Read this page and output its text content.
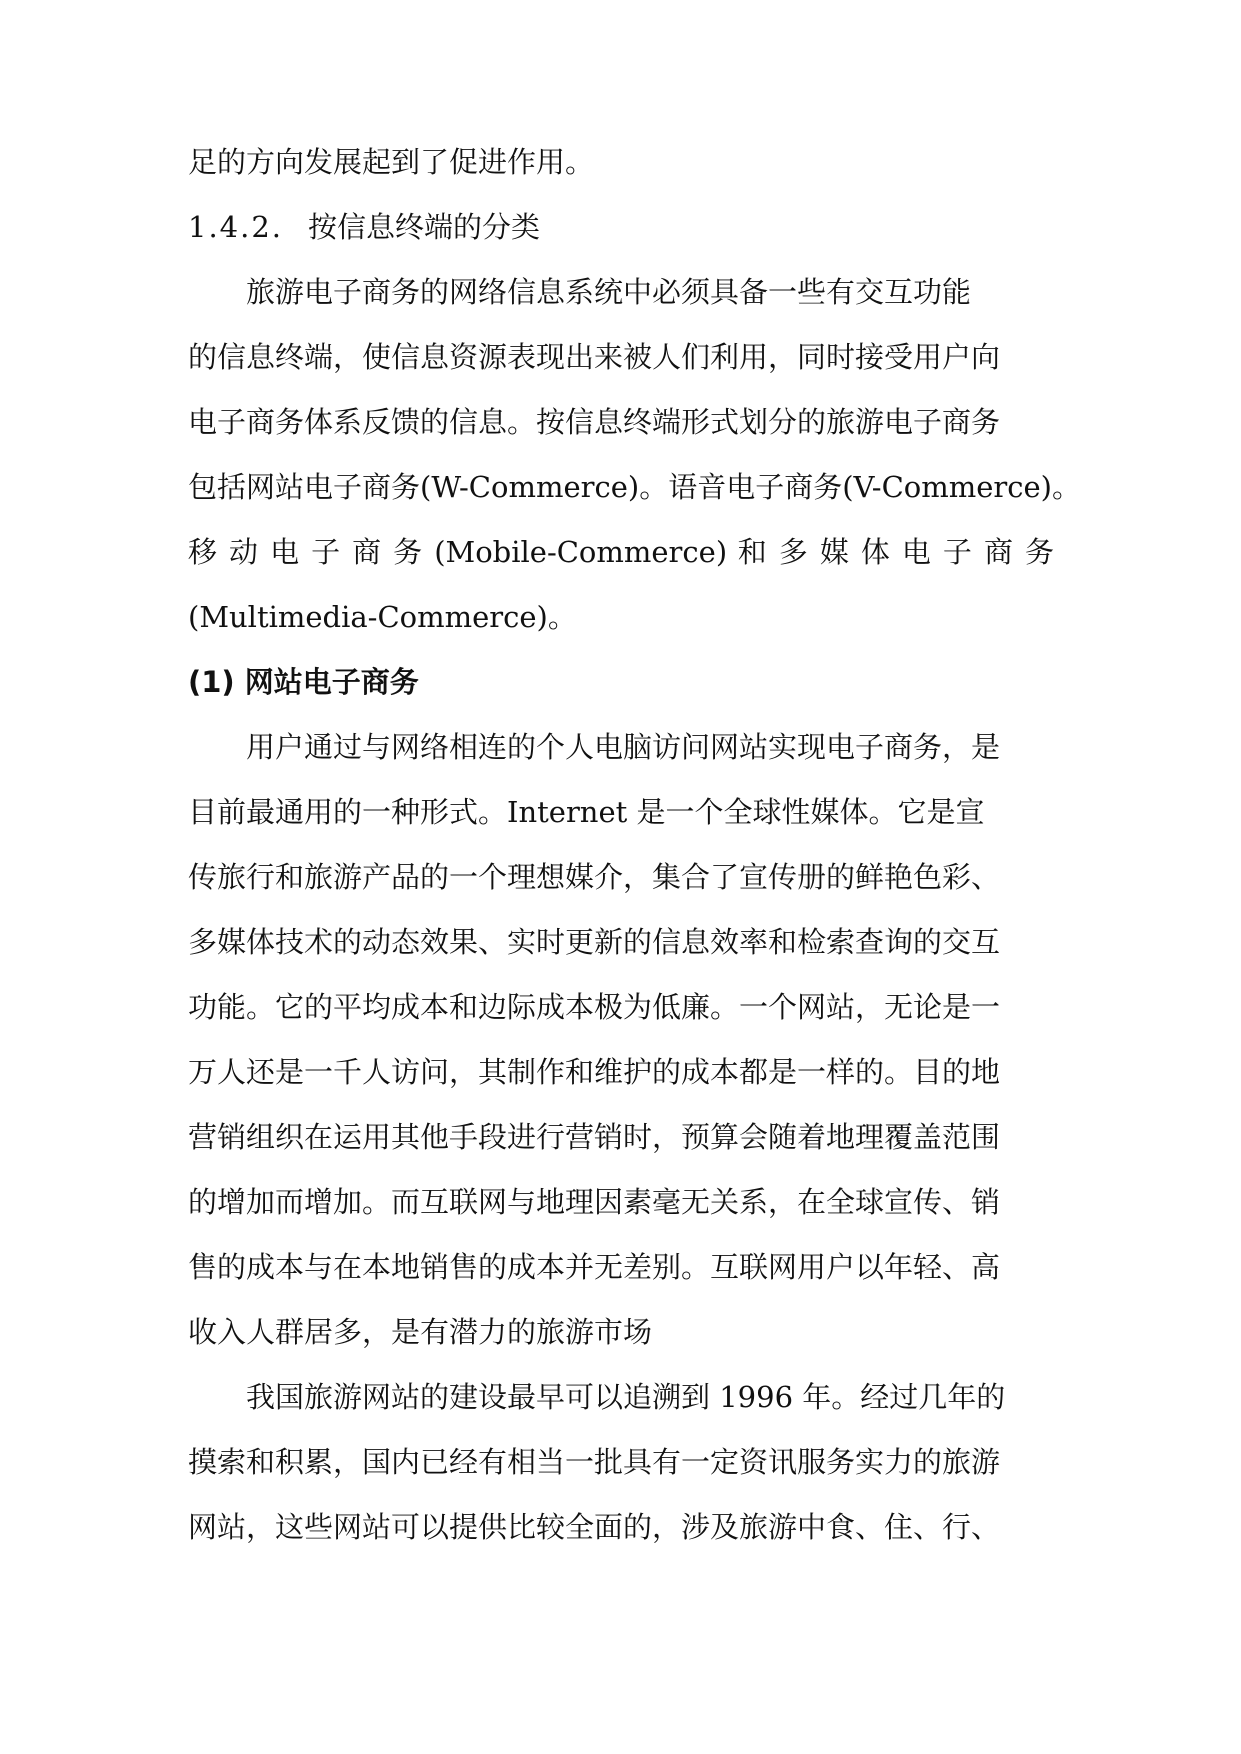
足的方向发展起到了促进作用。

1.4.2. 按信息终端的分类

旅游电子商务的网络信息系统中必须具备一些有交互功能
的信息终端，使信息资源表现出来被人们利用，同时接受用户向
电子商务体系反馈的信息。按信息终端形式划分的旅游电子商务
包括网站电子商务(W-Commerce)。语音电子商务(V-Commerce)。
移 动 电 子 商 务 (Mobile-Commerce) 和 多 媒 体 电 子 商 务
(Multimedia-Commerce)。

(1) 网站电子商务

用户通过与网络相连的个人电脑访问网站实现电子商务，是
目前最通用的一种形式。Internet 是一个全球性媒体。它是宣
传旅行和旅游产品的一个理想媒介，集合了宣传册的鲜艳色彩、
多媒体技术的动态效果、实时更新的信息效率和检索查询的交互
功能。它的平均成本和边际成本极为低廉。一个网站，无论是一
万人还是一千人访问，其制作和维护的成本都是一样的。目的地
营销组织在运用其他手段进行营销时，预算会随着地理覆盖范围
的增加而增加。而互联网与地理因素毫无关系，在全球宣传、销
售的成本与在本地销售的成本并无差别。互联网用户以年轻、高
收入人群居多，是有潜力的旅游市场

我国旅游网站的建设最早可以追溯到 1996 年。经过几年的
摸索和积累，国内已经有相当一批具有一定资讯服务实力的旅游
网站，这些网站可以提供比较全面的，涉及旅游中食、住、行、
